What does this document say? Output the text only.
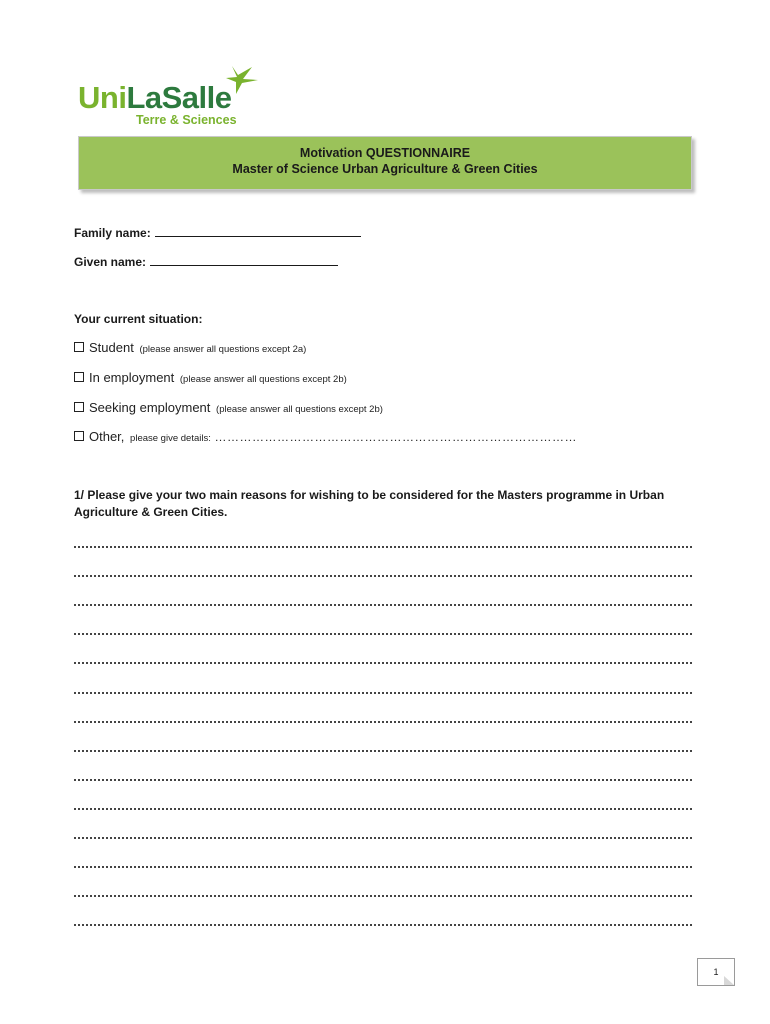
UniLaSalle
Terre & Sciences
Motivation QUESTIONNAIRE
Master of Science Urban Agriculture & Green Cities
Family name:
Given name:
Your current situation:
Student (please answer all questions except 2a)
In employment (please answer all questions except 2b)
Seeking employment (please answer all questions except 2b)
Other, please give details: ……………………………………………………………………………
1/ Please give your two main reasons for wishing to be considered for the Masters programme in Urban Agriculture & Green Cities.
1
